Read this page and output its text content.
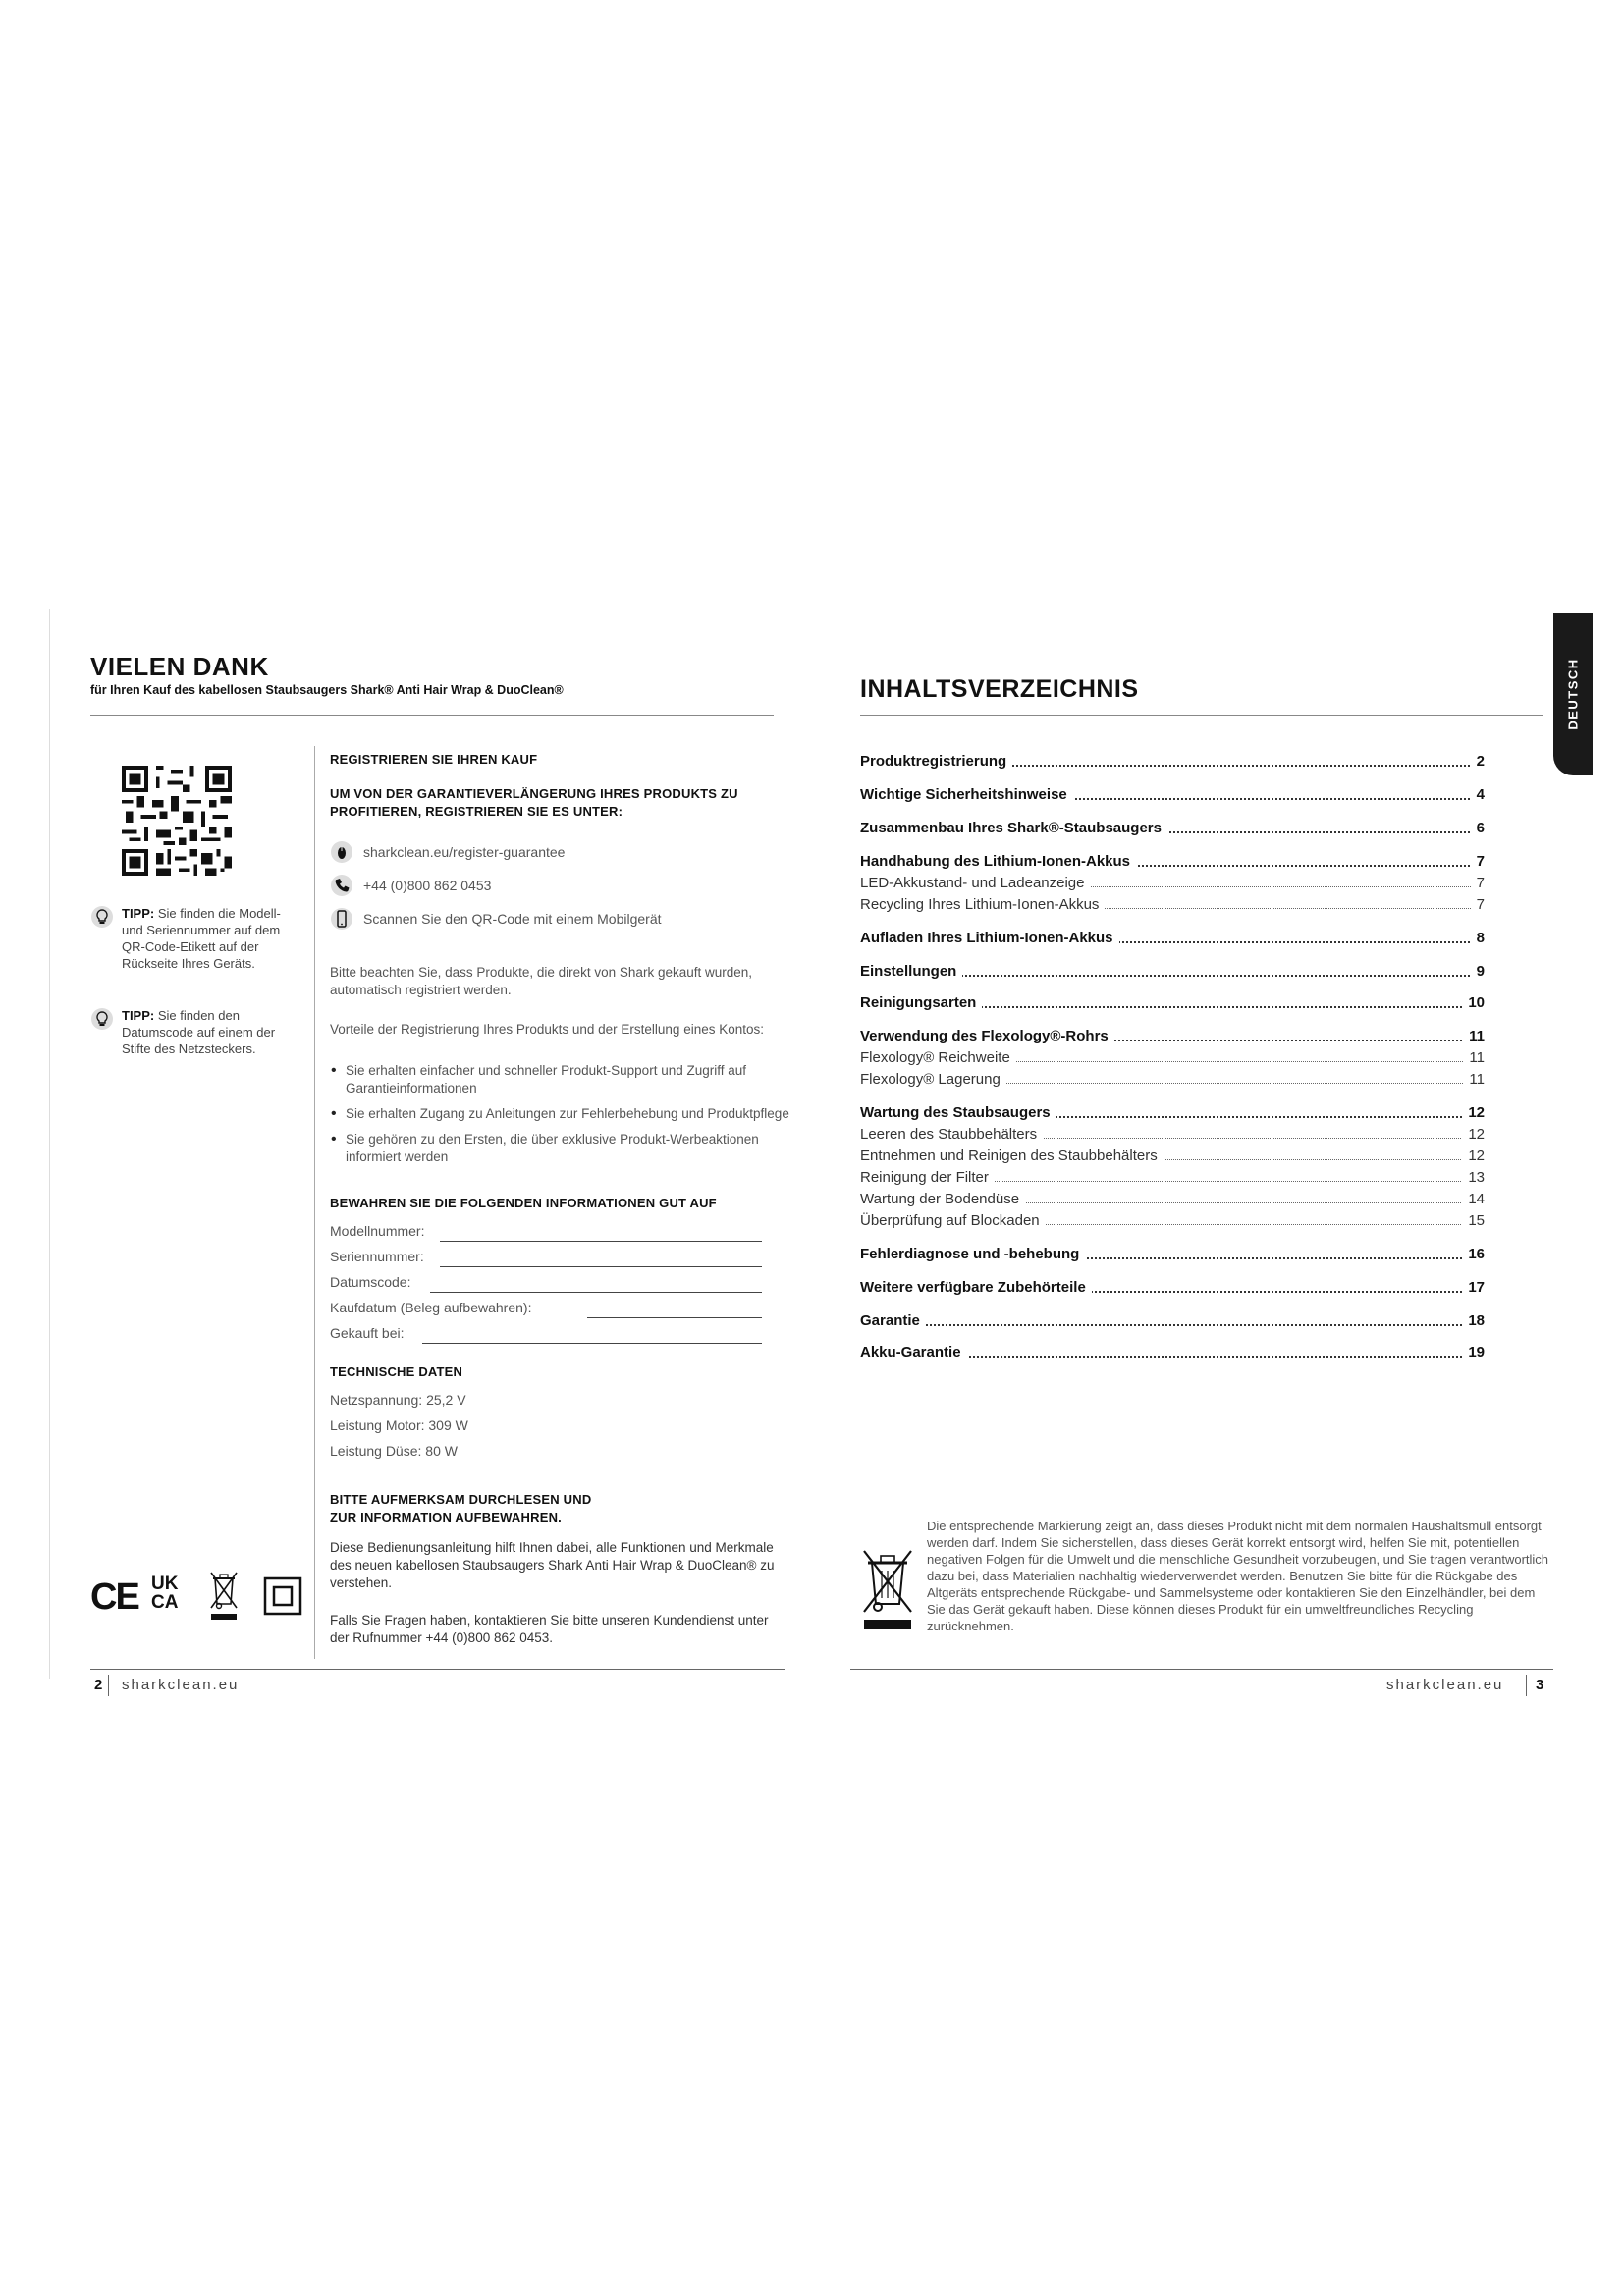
VIELEN DANK
für Ihren Kauf des kabellosen Staubsaugers Shark® Anti Hair Wrap & DuoClean®
TIPP: Sie finden die Modell- und Seriennummer auf dem QR-Code-Etikett auf der Rückseite Ihres Geräts.
TIPP: Sie finden den Datumscode auf einem der Stifte des Netzsteckers.
REGISTRIEREN SIE IHREN KAUF
UM VON DER GARANTIEVERLÄNGERUNG IHRES PRODUKTS ZU PROFITIEREN, REGISTRIEREN SIE ES UNTER:
sharkclean.eu/register-guarantee
+44 (0)800 862 0453
Scannen Sie den QR-Code mit einem Mobilgerät
Bitte beachten Sie, dass Produkte, die direkt von Shark gekauft wurden, automatisch registriert werden.
Vorteile der Registrierung Ihres Produkts und der Erstellung eines Kontos:
• Sie erhalten einfacher und schneller Produkt-Support und Zugriff auf Garantieinformationen
• Sie erhalten Zugang zu Anleitungen zur Fehlerbehebung und Produktpflege
• Sie gehören zu den Ersten, die über exklusive Produkt-Werbeaktionen informiert werden
BEWAHREN SIE DIE FOLGENDEN INFORMATIONEN GUT AUF
Modellnummer:
Seriennummer:
Datumscode:
Kaufdatum (Beleg aufbewahren):
Gekauft bei:
TECHNISCHE DATEN
Netzspannung: 25,2 V
Leistung Motor: 309 W
Leistung Düse: 80 W
BITTE AUFMERKSAM DURCHLESEN UND
ZUR INFORMATION AUFBEWAHREN.
Diese Bedienungsanleitung hilft Ihnen dabei, alle Funktionen und Merkmale des neuen kabellosen Staubsaugers Shark Anti Hair Wrap & DuoClean® zu verstehen.
Falls Sie Fragen haben, kontaktieren Sie bitte unseren Kundendienst unter der Rufnummer +44 (0)800 862 0453.
CE UK
CA
2 sharkclean.eu
DEUTSCH
INHALTSVERZEICHNIS
Produktregistrierung	2
Wichtige Sicherheitshinweise	4
Zusammenbau Ihres Shark®-Staubsaugers	6
Handhabung des Lithium-Ionen-Akkus	7
LED-Akkustand- und Ladeanzeige	7
Recycling Ihres Lithium-Ionen-Akkus	7
Aufladen Ihres Lithium-Ionen-Akkus	8
Einstellungen	9
Reinigungsarten	10
Verwendung des Flexology®-Rohrs	11
Flexology® Reichweite	11
Flexology® Lagerung	11
Wartung des Staubsaugers	12
Leeren des Staubbehälters	12
Entnehmen und Reinigen des Staubbehälters	12
Reinigung der Filter	13
Wartung der Bodendüse	14
Überprüfung auf Blockaden	15
Fehlerdiagnose und -behebung	16
Weitere verfügbare Zubehörteile	17
Garantie	18
Akku-Garantie	19
Die entsprechende Markierung zeigt an, dass dieses Produkt nicht mit dem normalen Haushaltsmüll entsorgt werden darf. Indem Sie sicherstellen, dass dieses Gerät korrekt entsorgt wird, helfen Sie mit, potentiellen negativen Folgen für die Umwelt und die menschliche Gesundheit vorzubeugen, und Sie tragen verantwortlich dazu bei, dass Materialien nachhaltig wiederverwendet werden. Benutzen Sie bitte für die Rückgabe des Altgeräts entsprechende Rückgabe- und Sammelsysteme oder kontaktieren Sie den Einzelhändler, bei dem Sie das Gerät gekauft haben. Diese können dieses Produkt für ein umweltfreundliches Recycling zurücknehmen.
sharkclean.eu 3
